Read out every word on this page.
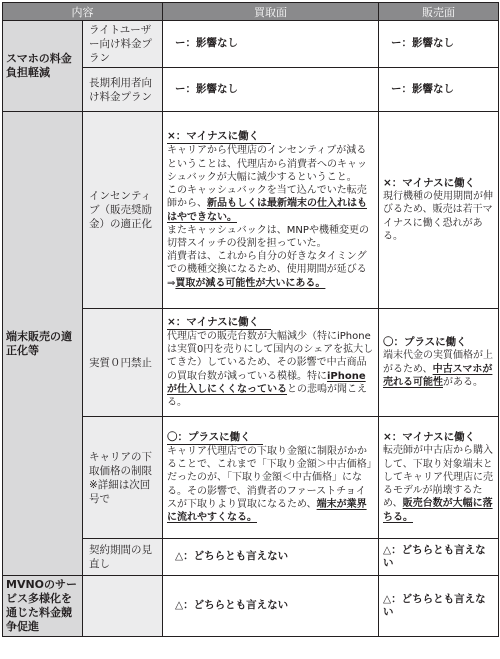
内容		買取面	販売面
スマホの料金負担軽減	ライトユーザー向け料金プラン	ー：影響なし	ー：影響なし

	長期利用者向け料金プラン	ー：影響なし	ー：影響なし

端末販売の適正化等	インセンティブ（販売奨励金）の適正化	×：マイナスに働く
キャリアから代理店のインセンティブが減るということは、代理店から消費者へのキャッシュバックが大幅に減少するということ。
このキャッシュバックを当て込んでいた転売師から、新品もしくは最新端末の仕入れはもはやできない。
またキャッシュバックは、MNPや機種変更の切替スイッチの役割を担っていた。
消費者は、これから自分の好きなタイミングでの機種交換になるため、使用期間が延びる⇒買取が減る可能性が大いにある。	×：マイナスに働く
現行機種の使用期間が伸びるため、販売は若干マイナスに働く恐れがある。

	実質０円禁止	×：マイナスに働く
代理店での販売台数が大幅減少（特にiPhoneは実質0円を売りにして国内のシェアを拡大してきた）しているため、その影響で中古商品の買取台数が減っている模様。特にiPhoneが仕入しにくくなっているとの悲鳴が聞こえる。	〇：プラスに働く
端末代金の実質価格が上がるため、中古スマホが売れる可能性がある。

	キャリアの下取価格の制限※詳細は次回号で	〇：プラスに働く
キャリア代理店での下取り金額に制限がかかることで、これまで「下取り金額＞中古価格」だったのが、「下取り金額＜中古価格」になる。その影響で、消費者のファーストチョイスが下取りより買取になるため、端末が業界に流れやすくなる。	×：マイナスに働く
転売師が中古店から購入して、下取り対象端末としてキャリア代理店に売るモデルが崩壊するため、販売台数が大幅に落ちる。

	契約期間の見直し	△：どちらとも言えない	△：どちらとも言えない

MVNOのサービス多様化を通じた料金競争促進		△：どちらとも言えない	△：どちらとも言えない
